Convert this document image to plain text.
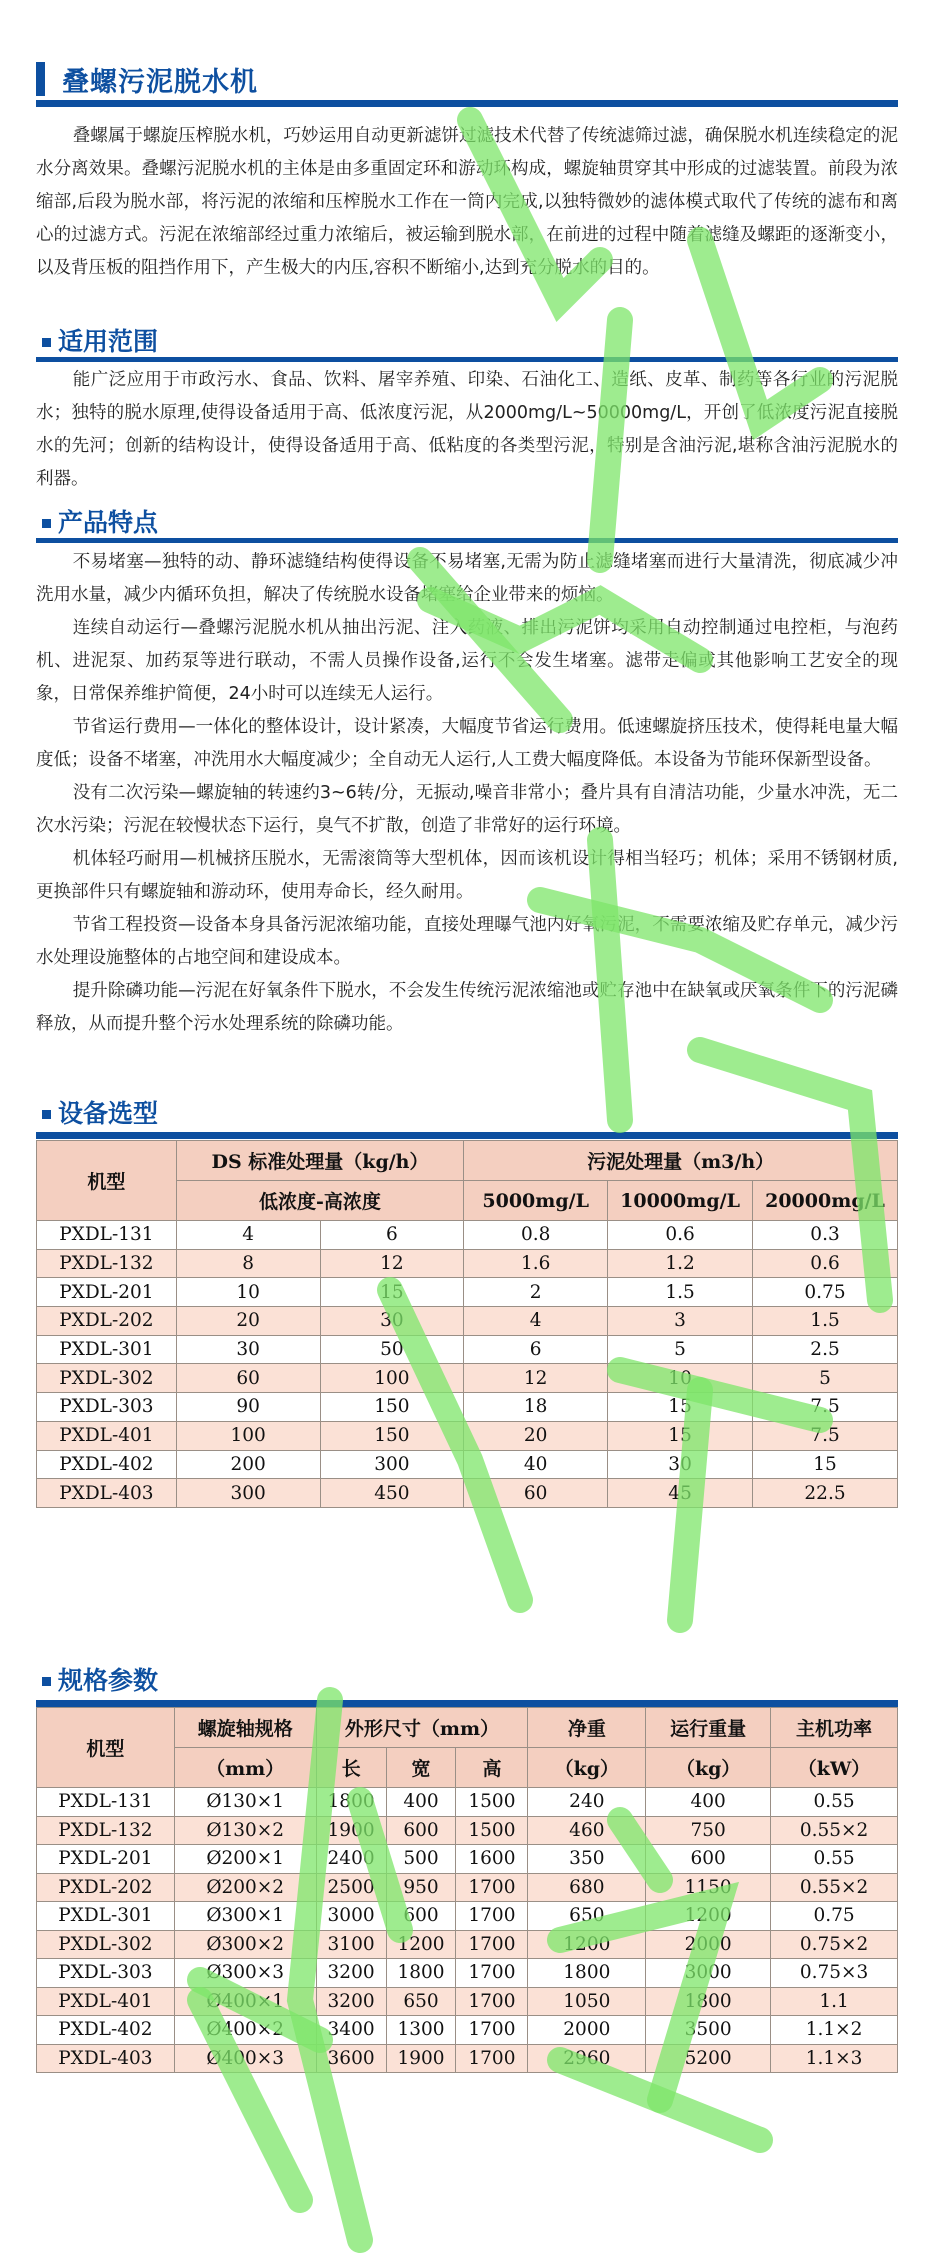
叠螺污泥脱水机

叠螺属于螺旋压榨脱水机，巧妙运用自动更新滤饼过滤技术代替了传统滤筛过滤，确保脱水机连续稳定的泥水分离效果。叠螺污泥脱水机的主体是由多重固定环和游动环构成，螺旋轴贯穿其中形成的过滤装置。前段为浓缩部,后段为脱水部，将污泥的浓缩和压榨脱水工作在一筒内完成,以独特微妙的滤体模式取代了传统的滤布和离心的过滤方式。污泥在浓缩部经过重力浓缩后，被运输到脱水部，在前进的过程中随着滤缝及螺距的逐渐变小，以及背压板的阻挡作用下，产生极大的内压,容积不断缩小,达到充分脱水的目的。

适用范围

能广泛应用于市政污水、食品、饮料、屠宰养殖、印染、石油化工、造纸、皮革、制药等各行业的污泥脱水；独特的脱水原理,使得设备适用于高、低浓度污泥，从2000mg/L~50000mg/L，开创了低浓度污泥直接脱水的先河；创新的结构设计，使得设备适用于高、低粘度的各类型污泥，特别是含油污泥,堪称含油污泥脱水的利器。

产品特点

不易堵塞—独特的动、静环滤缝结构使得设备不易堵塞,无需为防止滤缝堵塞而进行大量清洗，彻底减少冲洗用水量，减少内循环负担，解决了传统脱水设备堵塞给企业带来的烦恼。

连续自动运行—叠螺污泥脱水机从抽出污泥、注入药液、排出污泥饼均采用自动控制通过电控柜，与泡药机、进泥泵、加药泵等进行联动，不需人员操作设备,运行不会发生堵塞。滤带走偏或其他影响工艺安全的现象，日常保养维护简便，24小时可以连续无人运行。

节省运行费用—一体化的整体设计，设计紧凑，大幅度节省运行费用。低速螺旋挤压技术，使得耗电量大幅度低；设备不堵塞，冲洗用水大幅度减少；全自动无人运行,人工费大幅度降低。本设备为节能环保新型设备。

没有二次污染—螺旋轴的转速约3~6转/分，无振动,噪音非常小；叠片具有自清洁功能，少量水冲洗，无二次水污染；污泥在较慢状态下运行，臭气不扩散，创造了非常好的运行环境。

机体轻巧耐用—机械挤压脱水，无需滚筒等大型机体，因而该机设计得相当轻巧；机体；采用不锈钢材质,更换部件只有螺旋轴和游动环，使用寿命长，经久耐用。

节省工程投资—设备本身具备污泥浓缩功能，直接处理曝气池内好氧污泥，不需要浓缩及贮存单元，减少污水处理设施整体的占地空间和建设成本。

提升除磷功能—污泥在好氧条件下脱水，不会发生传统污泥浓缩池或贮存池中在缺氧或厌氧条件下的污泥磷释放，从而提升整个污水处理系统的除磷功能。

设备选型
机型	DS 标准处理量（kg/h）		污泥处理量（m3/h）		
	低浓度-高浓度		5000mg/L	10000mg/L	20000mg/L
PXDL-131	4	6	0.8	0.6	0.3
PXDL-132	8	12	1.6	1.2	0.6
PXDL-201	10	15	2	1.5	0.75
PXDL-202	20	30	4	3	1.5
PXDL-301	30	50	6	5	2.5
PXDL-302	60	100	12	10	5
PXDL-303	90	150	18	15	7.5
PXDL-401	100	150	20	15	7.5
PXDL-402	200	300	40	30	15
PXDL-403	300	450	60	45	22.5
规格参数
机型	螺旋轴规格	外形尺寸（mm）			净重	运行重量	主机功率
	（mm）	长	宽	高	（kg）	（kg）	（kW）
PXDL-131	Ø130×1	1800	400	1500	240	400	0.55
PXDL-132	Ø130×2	1900	600	1500	460	750	0.55×2
PXDL-201	Ø200×1	2400	500	1600	350	600	0.55
PXDL-202	Ø200×2	2500	950	1700	680	1150	0.55×2
PXDL-301	Ø300×1	3000	600	1700	650	1200	0.75
PXDL-302	Ø300×2	3100	1200	1700	1200	2000	0.75×2
PXDL-303	Ø300×3	3200	1800	1700	1800	3000	0.75×3
PXDL-401	Ø400×1	3200	650	1700	1050	1800	1.1
PXDL-402	Ø400×2	3400	1300	1700	2000	3500	1.1×2
PXDL-403	Ø400×3	3600	1900	1700	2960	5200	1.1×3
